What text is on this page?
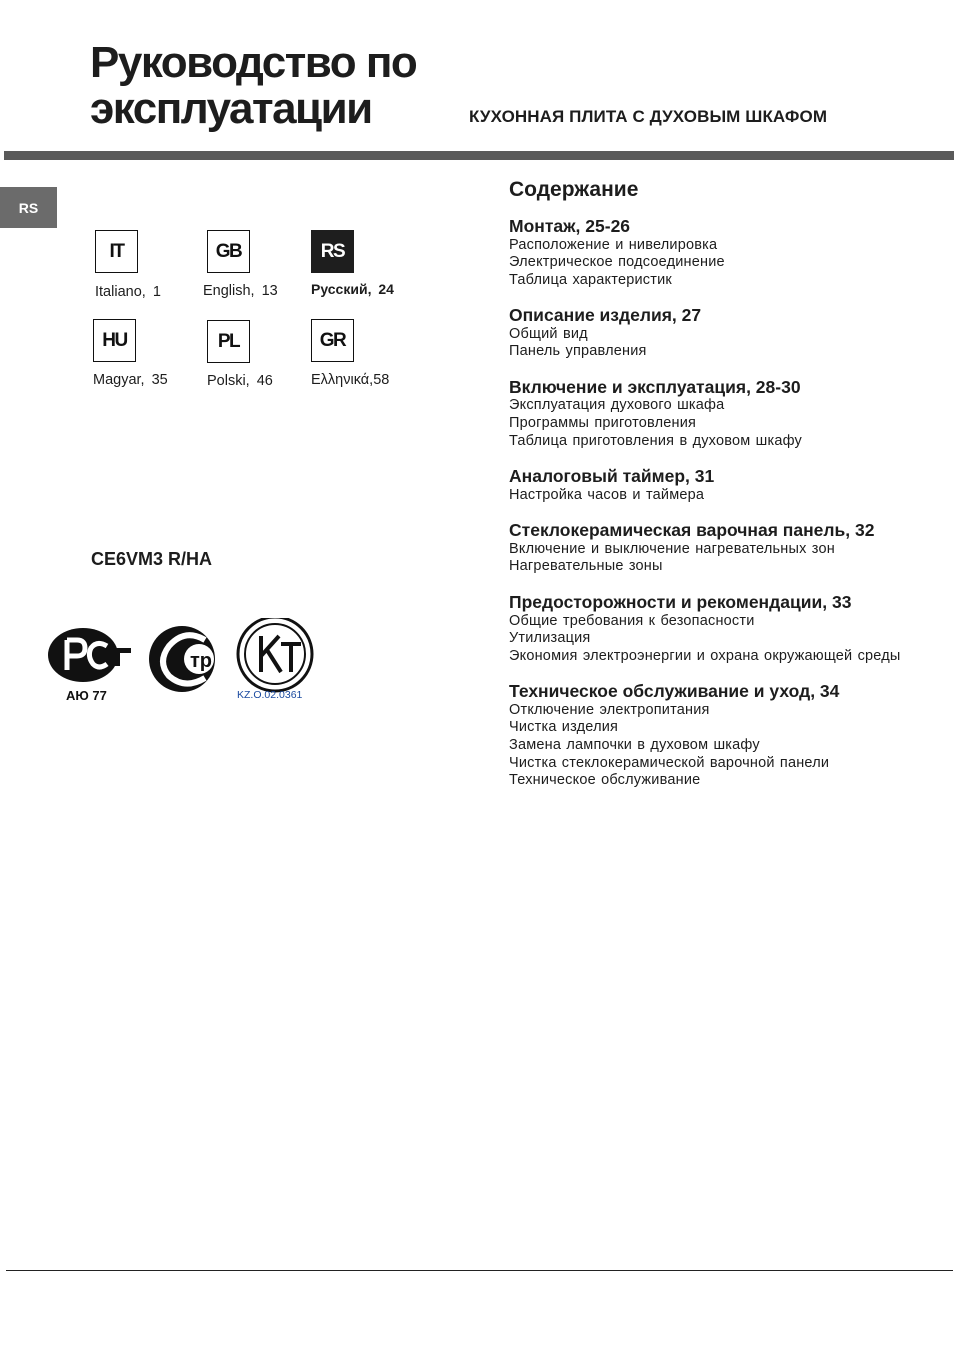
Руководство по
эксплуатации	КУХОННАЯ ПЛИТА С ДУХОВЫМ ШКАФОМ
RS
IT
Italiano, 1
GB
English, 13
RS
Русский, 24
HU
Magyar, 35
PL
Polski, 46
GR
Ελληνικά,58
CE6VM3 R/HA
АЮ 77
тр
KZ.O.02.0361
Содержание
Монтаж, 25-26
Расположение и нивелировка
Электрическое подсоединение
Таблица характеристик
Описание изделия, 27
Общий вид
Панель управления
Включение и эксплуатация, 28-30
Эксплуатация духового шкафа
Программы приготовления
Таблица приготовления в духовом шкафу
Аналоговый таймер, 31
Настройка часов и таймера
Стеклокерамическая варочная панель, 32
Включение и выключение нагревательных зон
Нагревательные зоны
Предосторожности и рекомендации, 33
Общие требования к безопасности
Утилизация
Экономия электроэнергии и охрана окружающей среды
Техническое обслуживание и уход, 34
Отключение электропитания
Чистка изделия
Замена лампочки в духовом шкафу
Чистка стеклокерамической варочной панели
Техническое обслуживание
